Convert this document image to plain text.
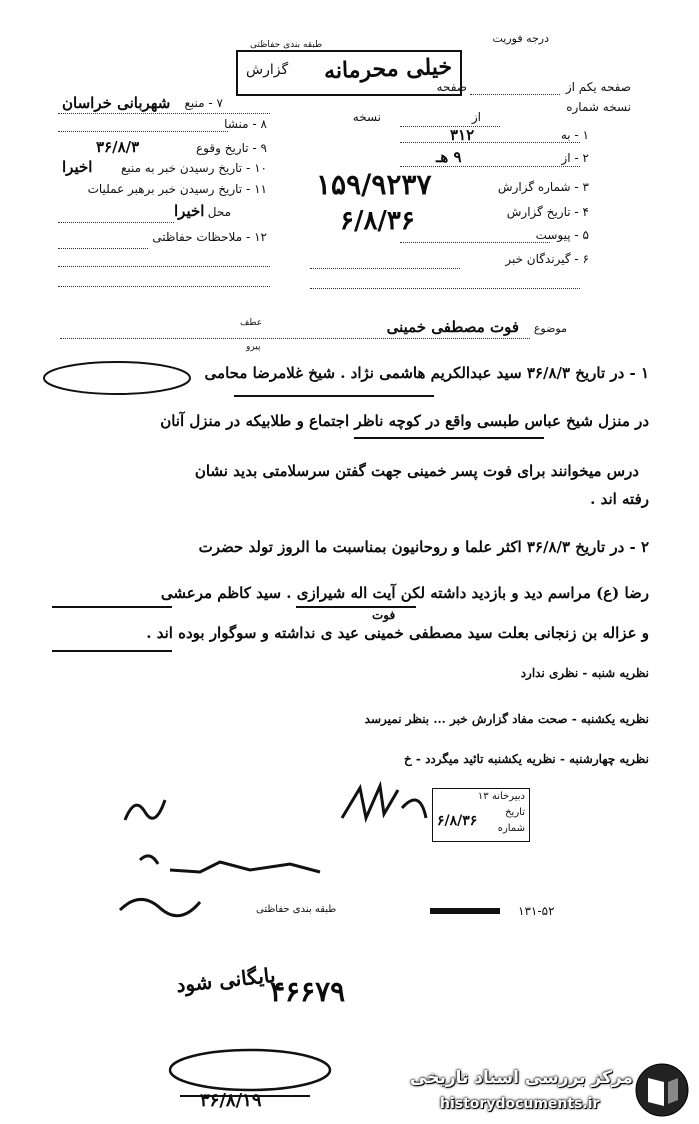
درجه فوریت
طبقه بندی حفاظتی
خیلی محرمانه
گزارش
۷ - منبع
شهربانی خراسان
۸ - منشا
۹ - تاریخ وقوع
۳۶/۸/۳
۱۰ - تاریخ رسیدن خبر به منبع
اخیرا
۱۱ - تاریخ رسیدن خبر برهبر عملیات
محل
اخیرا
۱۲ - ملاحظات حفاظتی
صفحه یکم از
صفحه
نسخه شماره
از
نسخه
۱ - به
۳۱۲
۲ - از
۹ هـ
۳ - شماره گزارش
۱۵۹/۹۲۳۷
۴ - تاریخ گزارش
۶/۸/۳۶	۵ - پیوست
۶ - گیرندگان خبر
موضوع
فوت مصطفی خمینی
عطف
پیرو
۱ - در تاریخ ۳۶/۸/۳ سید عبدالکریم هاشمی نژاد . شیخ غلامرضا محامی
در منزل شیخ عباس طبسی واقع در کوچه ناظر اجتماع و طلابیکه در منزل آنان
درس میخوانند برای فوت پسر خمینی جهت گفتن سرسلامتی بدید نشان
رفته اند .
۲ - در تاریخ ۳۶/۸/۳ اکثر علما و روحانیون بمناسبت ما الروز تولد حضرت
رضا (ع) مراسم دید و بازدید داشته لکن آیت اله شیرازی . سید کاظم مرعشی
فوت
و عزاله بن زنجانی بعلت سید مصطفی خمینی عید ی نداشته و سوگوار بوده اند .
نظریه شنبه - نظری ندارد
نظریه یکشنبه - صحت مفاد گزارش خبر ... بنظر نمیرسد
نظریه چهارشنبه - نظریه یکشنبه تائید میگردد - خ
دبیرخانه ۱۳
تاریخ
شماره
۶/۸/۳۶
طبقه بندی حفاظتی	۱۳۱-۵۲
۴۶۶۷۹
بایگانی شود
۳۶/۸/۱۹
مرکز بررسی اسناد تاریخی
historydocuments.ir
